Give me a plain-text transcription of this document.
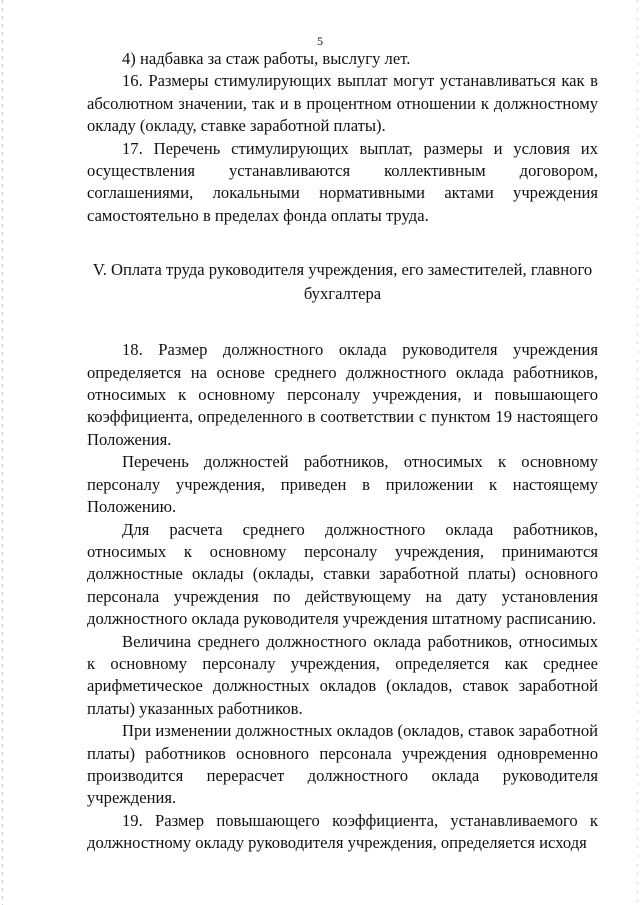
5

4) надбавка за стаж работы, выслугу лет.

16. Размеры стимулирующих выплат могут устанавливаться как в абсолютном значении, так и в процентном отношении к должностному окладу (окладу, ставке заработной платы).

17. Перечень стимулирующих выплат, размеры и условия их осуществления устанавливаются коллективным договором, соглашениями, локальными нормативными актами учреждения самостоятельно в пределах фонда оплаты труда.

V. Оплата труда руководителя учреждения, его заместителей, главного бухгалтера

18. Размер должностного оклада руководителя учреждения определяется на основе среднего должностного оклада работников, относимых к основному персоналу учреждения, и повышающего коэффициента, определенного в соответствии с пунктом 19 настоящего Положения.

Перечень должностей работников, относимых к основному персоналу учреждения, приведен в приложении к настоящему Положению.

Для расчета среднего должностного оклада работников, относимых к основному персоналу учреждения, принимаются должностные оклады (оклады, ставки заработной платы) основного персонала учреждения по действующему на дату установления должностного оклада руководителя учреждения штатному расписанию.

Величина среднего должностного оклада работников, относимых к основному персоналу учреждения, определяется как среднее арифметическое должностных окладов (окладов, ставок заработной платы) указанных работников.

При изменении должностных окладов (окладов, ставок заработной платы) работников основного персонала учреждения одновременно производится перерасчет должностного оклада руководителя учреждения.

19. Размер повышающего коэффициента, устанавливаемого к должностному окладу руководителя учреждения, определяется исходя
